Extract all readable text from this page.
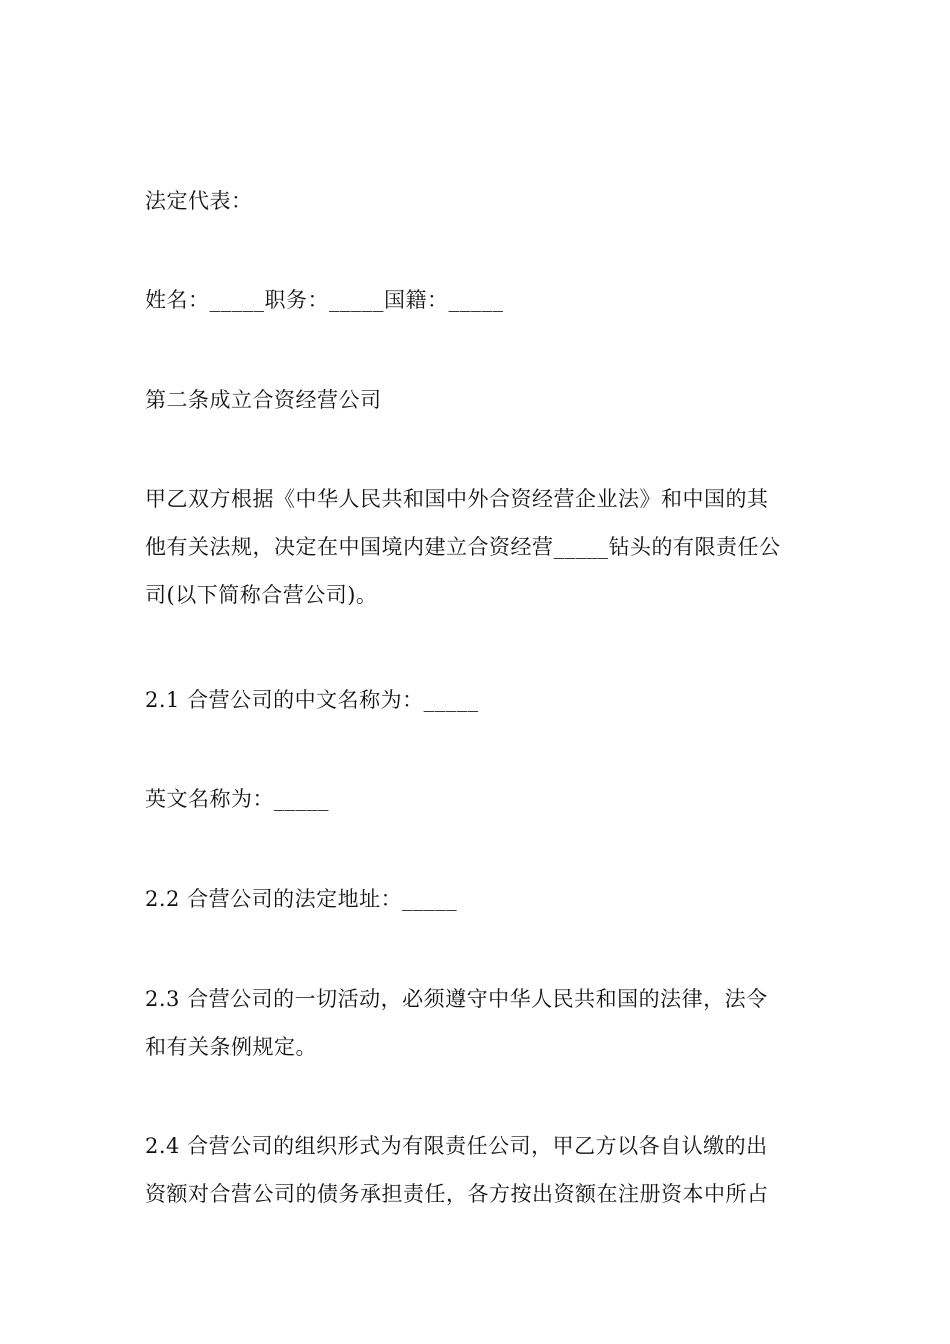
法定代表：

姓名：_____职务：_____国籍：_____

第二条成立合资经营公司

甲乙双方根据《中华人民共和国中外合资经营企业法》和中国的其
他有关法规，决定在中国境内建立合资经营_____钻头的有限责任公
司(以下简称合营公司)。

2.1 合营公司的中文名称为：_____

英文名称为：_____

2.2 合营公司的法定地址：_____

2.3 合营公司的一切活动，必须遵守中华人民共和国的法律，法令
和有关条例规定。

2.4 合营公司的组织形式为有限责任公司，甲乙方以各自认缴的出
资额对合营公司的债务承担责任，各方按出资额在注册资本中所占
